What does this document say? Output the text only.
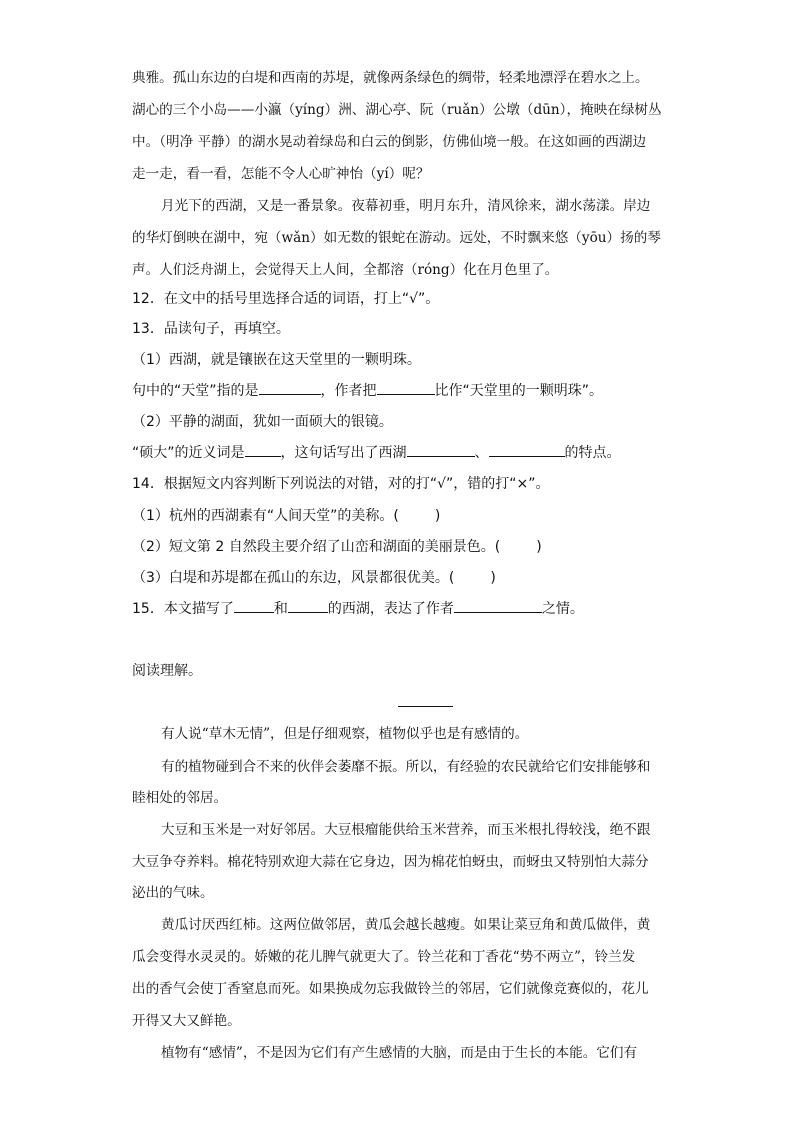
典雅。孤山东边的白堤和西南的苏堤，就像两条绿色的绸带，轻柔地漂浮在碧水之上。
湖心的三个小岛——小瀛（yíng）洲、湖心亭、阮（ruǎn）公墩（dūn），掩映在绿树丛
中。（明净 平静）的湖水晃动着绿岛和白云的倒影，仿佛仙境一般。在这如画的西湖边
走一走，看一看，怎能不令人心旷神怡（yí）呢？
月光下的西湖，又是一番景象。夜幕初垂，明月东升，清风徐来，湖水荡漾。岸边
的华灯倒映在湖中，宛（wǎn）如无数的银蛇在游动。远处，不时飘来悠（yōu）扬的琴
声。人们泛舟湖上，会觉得天上人间，全都溶（róng）化在月色里了。
12．在文中的括号里选择合适的词语，打上“√”。
13．品读句子，再填空。
（1）西湖，就是镶嵌在这天堂里的一颗明珠。
句中的“天堂”指的是	，作者把	比作“天堂里的一颗明珠”。
（2）平静的湖面，犹如一面硕大的银镜。
“硕大”的近义词是	，这句话写出了西湖	、	的特点。
14．根据短文内容判断下列说法的对错，对的打“√”，错的打“×”。
（1）杭州的西湖素有“人间天堂”的美称。(	)
（2）短文第 2 自然段主要介绍了山峦和湖面的美丽景色。(	)
（3）白堤和苏堤都在孤山的东边，风景都很优美。(	)
15．本文描写了	和	的西湖，表达了作者	之情。
阅读理解。
有人说“草木无情”，但是仔细观察，植物似乎也是有感情的。
有的植物碰到合不来的伙伴会萎靡不振。所以，有经验的农民就给它们安排能够和
睦相处的邻居。
大豆和玉米是一对好邻居。大豆根瘤能供给玉米营养，而玉米根扎得较浅，绝不跟
大豆争夺养料。棉花特别欢迎大蒜在它身边，因为棉花怕蚜虫，而蚜虫又特别怕大蒜分
泌出的气味。
黄瓜讨厌西红柿。这两位做邻居，黄瓜会越长越瘦。如果让菜豆角和黄瓜做伴，黄
瓜会变得水灵灵的。娇嫩的花儿脾气就更大了。铃兰花和丁香花“势不两立”，铃兰发
出的香气会使丁香窒息而死。如果换成勿忘我做铃兰的邻居，它们就像竞赛似的，花儿
开得又大又鲜艳。
植物有“感情”，不是因为它们有产生感情的大脑，而是由于生长的本能。它们有
